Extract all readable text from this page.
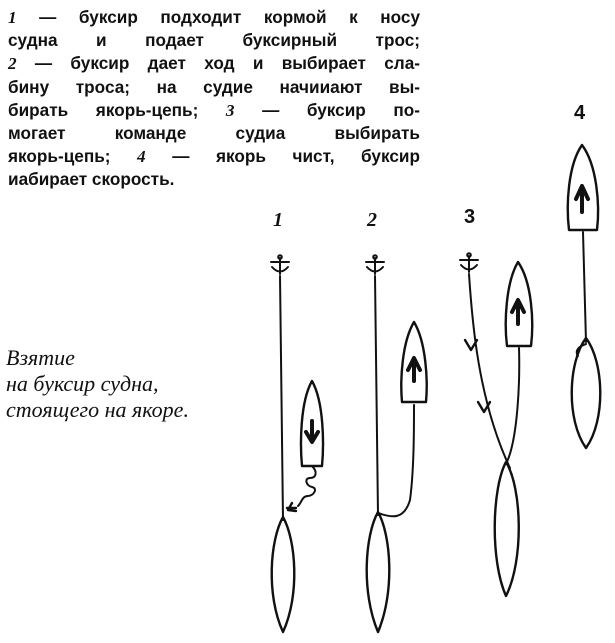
1 — буксир подходит кормой к носу
судна и подает буксирный трос;
2 — буксир дает ход и выбирает сла-
бину троса; на судие начииают вы-
бирать якорь-цепь; 3 — буксир по-
могает команде судиа выбирать
якорь-цепь; 4 — якорь чист, буксир
иабирает скорость.
Взятие
на буксир судна,
стоящего на якоре.
1	2	3
4
